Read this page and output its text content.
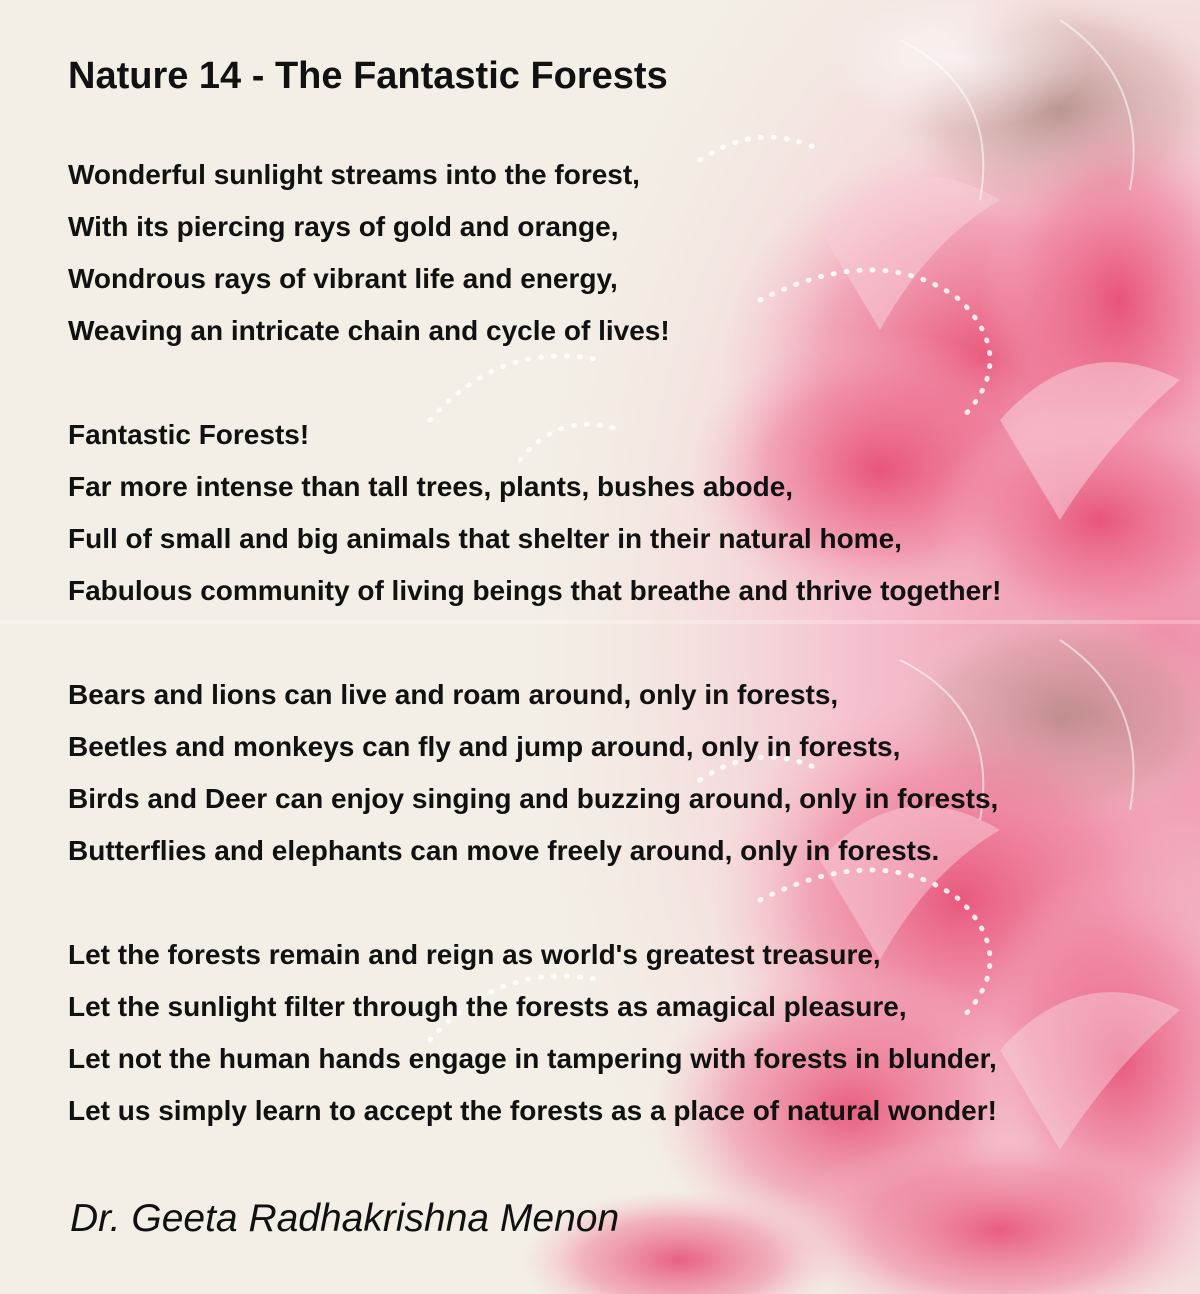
Nature 14 - The Fantastic Forests
Wonderful sunlight streams into the forest,
With its piercing rays of gold and orange,
Wondrous rays of vibrant life and energy,
Weaving an intricate chain and cycle of lives!
Fantastic Forests!
Far more intense than tall trees, plants, bushes abode,
Full of small and big animals that shelter in their natural home,
Fabulous community of living beings that breathe and thrive together!
Bears and lions can live and roam around, only in forests,
Beetles and monkeys can fly and jump around, only in forests,
Birds and Deer can enjoy singing and buzzing around, only in forests,
Butterflies and elephants can move freely around, only in forests.
Let the forests remain and reign as world's greatest treasure,
Let the sunlight filter through the forests as amagical pleasure,
Let not the human hands engage in tampering with forests in blunder,
Let us simply learn to accept the forests as a place of natural wonder!

Dr. Geeta Radhakrishna Menon
